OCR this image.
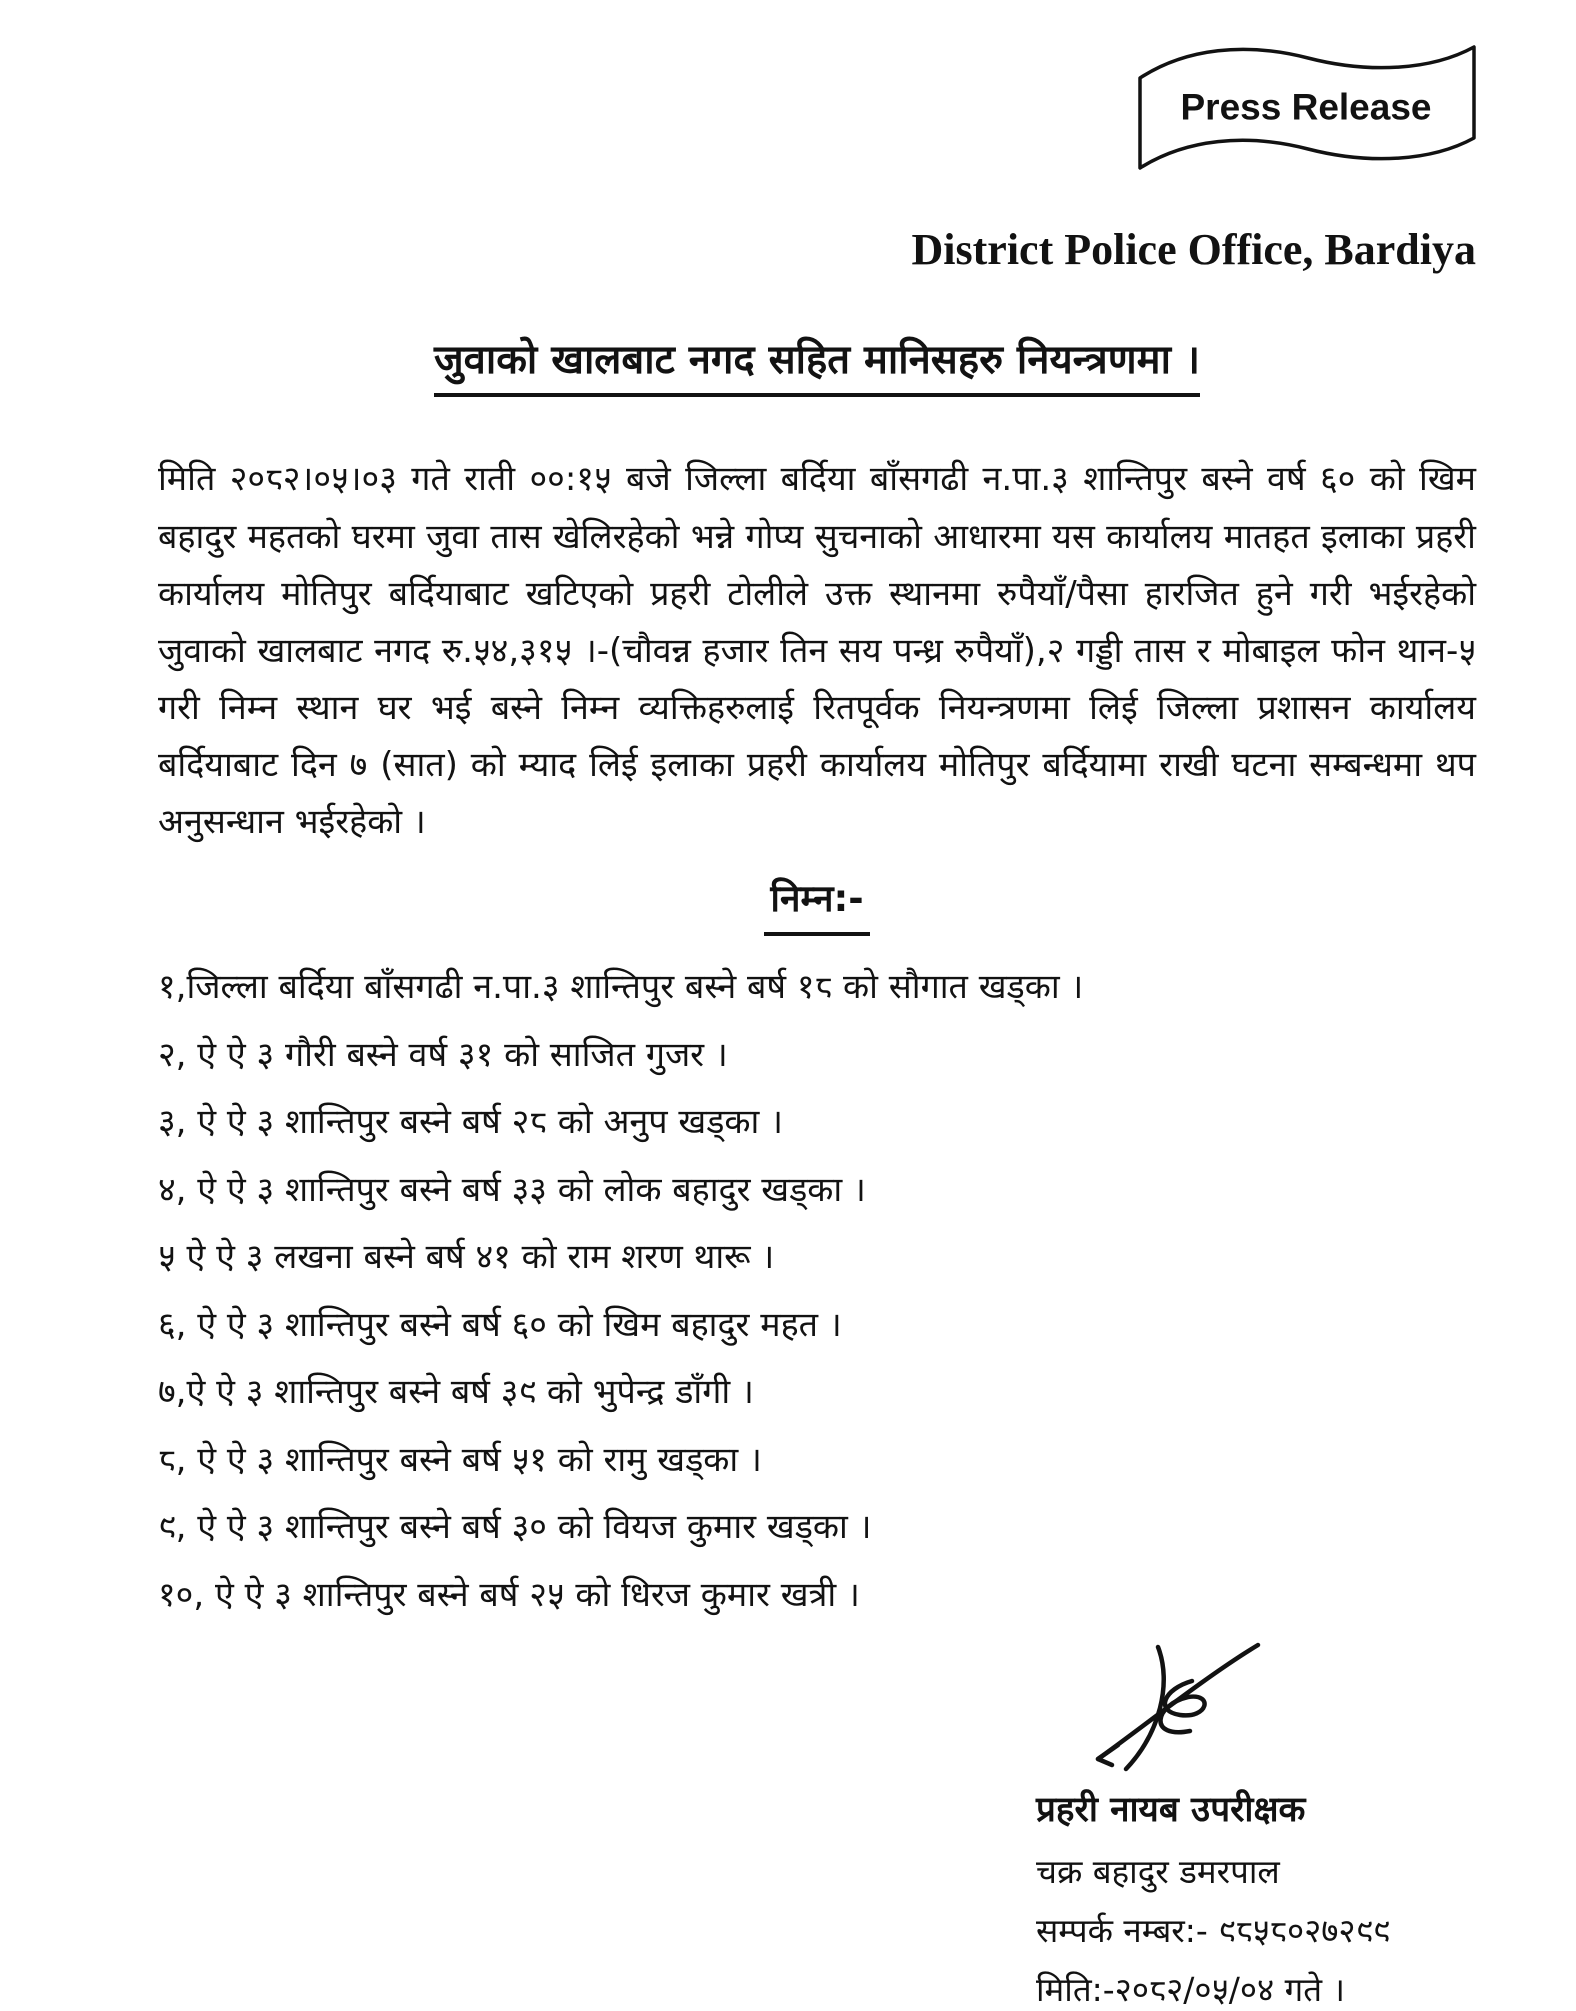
Press Release
District Police Office, Bardiya
जुवाको खालबाट नगद सहित मानिसहरु नियन्त्रणमा ।

मिति २०८२।०५।०३ गते राती ००:१५ बजे जिल्ला बर्दिया बाँसगढी न.पा.३ शान्तिपुर बस्ने वर्ष ६० को खिम बहादुर महतको घरमा जुवा तास खेलिरहेको भन्ने गोप्य सुचनाको आधारमा यस कार्यालय मातहत इलाका प्रहरी कार्यालय मोतिपुर बर्दियाबाट खटिएको प्रहरी टोलीले उक्त स्थानमा रुपैयाँ/पैसा हारजित हुने गरी भईरहेको जुवाको खालबाट नगद रु.५४,३१५ ।-(चौवन्न हजार तिन सय पन्ध्र रुपैयाँ),२ गड्डी तास र मोबाइल फोन थान-५ गरी निम्न स्थान घर भई बस्ने निम्न व्यक्तिहरुलाई रितपूर्वक नियन्त्रणमा लिई जिल्ला प्रशासन कार्यालय बर्दियाबाट दिन ७ (सात) को म्याद लिई इलाका प्रहरी कार्यालय मोतिपुर बर्दियामा राखी घटना सम्बन्धमा थप अनुसन्धान भईरहेको ।

निम्न:-
१,जिल्ला बर्दिया बाँसगढी न.पा.३ शान्तिपुर बस्ने बर्ष १८ को सौगात खड्का ।
२, ऐ ऐ ३ गौरी बस्ने वर्ष ३१ को साजित गुजर ।
३, ऐ ऐ ३ शान्तिपुर बस्ने बर्ष २८ को अनुप खड्का ।
४, ऐ ऐ ३ शान्तिपुर बस्ने बर्ष ३३ को लोक बहादुर खड्का ।
५ ऐ ऐ ३ लखना बस्ने बर्ष ४१ को राम शरण थारू ।
६, ऐ ऐ ३ शान्तिपुर बस्ने बर्ष ६० को खिम बहादुर महत ।
७,ऐ ऐ ३ शान्तिपुर बस्ने बर्ष ३९ को भुपेन्द्र डाँगी ।
८, ऐ ऐ ३ शान्तिपुर बस्ने बर्ष ५१ को रामु खड्का ।
९, ऐ ऐ ३ शान्तिपुर बस्ने बर्ष ३० को वियज कुमार खड्का ।
१०, ऐ ऐ ३ शान्तिपुर बस्ने बर्ष २५ को धिरज कुमार खत्री ।
प्रहरी नायब उपरीक्षक
चक्र बहादुर डमरपाल
सम्पर्क नम्बर:- ९८५८०२७२९९
मिति:-२०८२/०५/०४ गते ।
